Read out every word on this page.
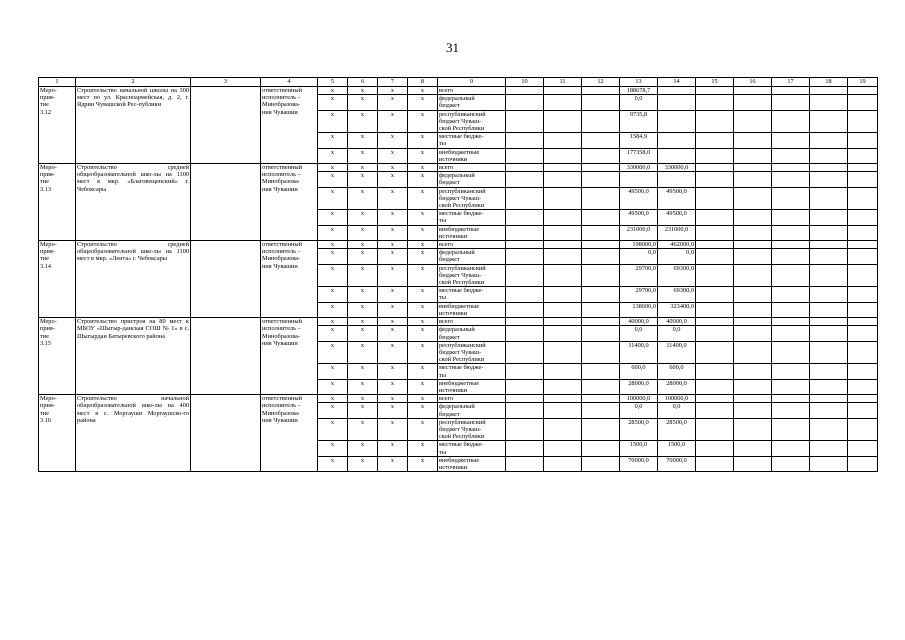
31
1	2	3	4	5	6	7	8	9	10	11	12	13	14	15	16	17	18	19
Меро-
прия-
тие
3.12	Строительство начальной школы на 300 мест по ул. Красноармейская, д. 2, г. Ядрин Чувашской Рес-публики		ответственный
исполнитель –
Минобразова-
ния Чувашии	х	х	х	х	всего				188678,7						
				х	х	х	х	федеральный
бюджет				0,0						
				х	х	х	х	республиканский
бюджет Чуваш-
ской Республики				9735,8						
				х	х	х	х	местные бюдже-
ты				1584,9						
				х	х	х	х	внебюджетные
источники				177358,0						
Меро-
прия-
тие
3.13	Строительство средней общеобразовательной шко-лы на 1100 мест в мкр. «Благовещенский» г. Чебоксары		ответственный
исполнитель –
Минобразова-
ния Чувашии	х	х	х	х	всего				330000,0	330000,0					
				х	х	х	х	федеральный
бюджет										
				х	х	х	х	республиканский
бюджет Чуваш-
ской Республики				49500,0	49500,0					
				х	х	х	х	местные бюдже-
ты				49500,0	49500,0					
				х	х	х	х	внебюджетные
источники				231000,0	231000,0					
Меро-
прия-
тие
3.14	Строительство средней общеобразовательной шко-лы на 1100 мест в мкр. «Лента» г. Чебоксары		ответственный
исполнитель –
Минобразова-
ния Чувашии	х	х	х	х	всего				198000,0	462000,0					
				х	х	х	х	федеральный
бюджет				0,0	0,0					
				х	х	х	х	республиканский
бюджет Чуваш-
ской Республики				29700,0	69300,0					
				х	х	х	х	местные бюдже-
ты				29700,0	69300,0					
				х	х	х	х	внебюджетные
источники				138600,0	323400,0					
Меро-
прия-
тие
3.15	Строительство пристроя на 80 мест к МБОУ «Шыгыр-данская СОШ № 1» в с. Шыгырдан Батыревского района		ответственный
исполнитель –
Минобразова-
ния Чувашии	х	х	х	х	всего				40000,0	40000,0					
				х	х	х	х	федеральный
бюджет				0,0	0,0					
				х	х	х	х	республиканский
бюджет Чуваш-
ской Республики				11400,0	11400,0					
				х	х	х	х	местные бюдже-
ты				600,0	600,0					
				х	х	х	х	внебюджетные
источники				28000,0	28000,0					
Меро-
прия-
тие
3.16	Строительство начальной общеобразовательной шко-лы на 400 мест в с. Моргауши Моргаушско-го района		ответственный
исполнитель –
Минобразова-
ния Чувашии	х	х	х	х	всего				100000,0	100000,0					
				х	х	х	х	федеральный
бюджет				0,0	0,0					
				х	х	х	х	республиканский
бюджет Чуваш-
ской Республики				28500,0	28500,0					
				х	х	х	х	местные бюдже-
ты				1500,0	1500,0					
				х	х	х	х	внебюджетные
источники				70000,0	70000,0					
